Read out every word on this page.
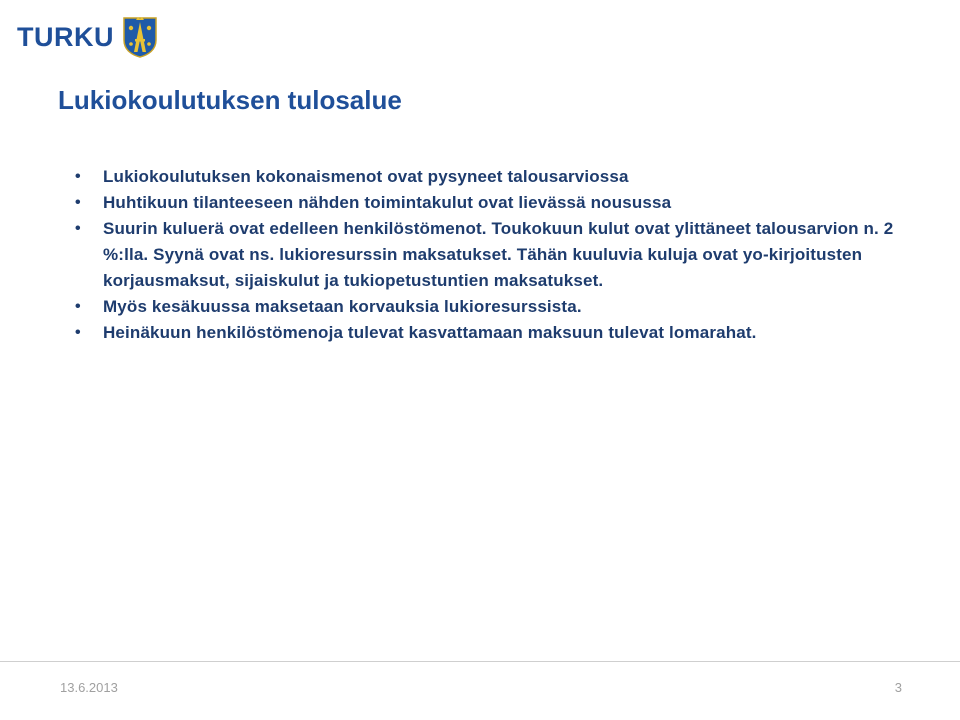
TURKU
Lukiokoulutuksen tulosalue
• Lukiokoulutuksen kokonaismenot ovat pysyneet talousarviossa
• Huhtikuun tilanteeseen nähden toimintakulut ovat lievässä nousussa
• Suurin kuluerä ovat edelleen henkilöstömenot. Toukokuun kulut ovat ylittäneet talousarvion n. 2 %:lla. Syynä ovat ns. lukioresurssin maksatukset. Tähän kuuluvia kuluja ovat yo-kirjoitusten korjausmaksut, sijaiskulut ja tukiopetustuntien maksatukset.
• Myös kesäkuussa maksetaan korvauksia lukioresurssista.
• Heinäkuun henkilöstömenoja tulevat kasvattamaan maksuun tulevat lomarahat.
13.6.2013	3
